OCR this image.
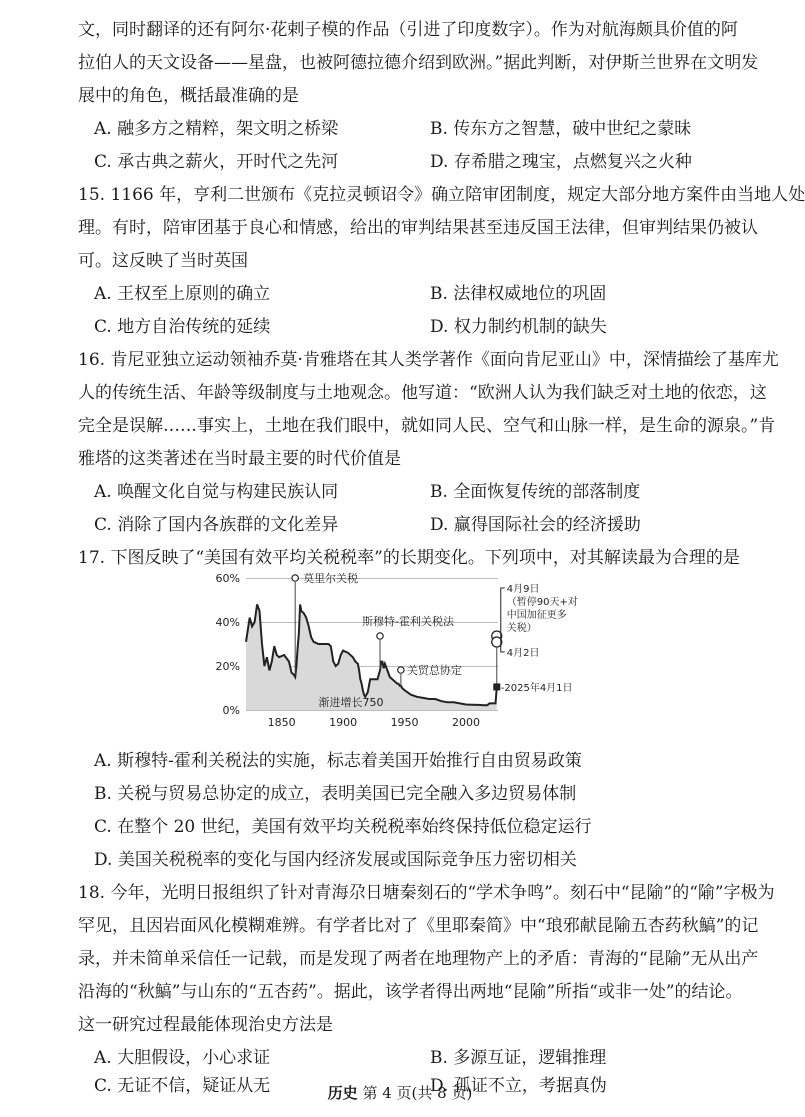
文，同时翻译的还有阿尔·花剌子模的作品（引进了印度数字）。作为对航海颇具价值的阿
拉伯人的天文设备——星盘，也被阿德拉德介绍到欧洲。”据此判断，对伊斯兰世界在文明发
展中的角色，概括最准确的是
A. 融多方之精粹，架文明之桥梁	B. 传东方之智慧，破中世纪之蒙昧
C. 承古典之薪火，开时代之先河	D. 存希腊之瑰宝，点燃复兴之火种
15. 1166 年，亨利二世颁布《克拉灵顿诏令》确立陪审团制度，规定大部分地方案件由当地人处
理。有时，陪审团基于良心和情感，给出的审判结果甚至违反国王法律，但审判结果仍被认
可。这反映了当时英国
A. 王权至上原则的确立	B. 法律权威地位的巩固
C. 地方自治传统的延续	D. 权力制约机制的缺失
16. 肯尼亚独立运动领袖乔莫·肯雅塔在其人类学著作《面向肯尼亚山》中，深情描绘了基库尤
人的传统生活、年龄等级制度与土地观念。他写道：“欧洲人认为我们缺乏对土地的依恋，这
完全是误解……事实上，土地在我们眼中，就如同人民、空气和山脉一样，是生命的源泉。”肯
雅塔的这类著述在当时最主要的时代价值是
A. 唤醒文化自觉与构建民族认同	B. 全面恢复传统的部落制度
C. 消除了国内各族群的文化差异	D. 赢得国际社会的经济援助
17. 下图反映了“美国有效平均关税税率”的长期变化。下列项中，对其解读最为合理的是
60%
40%
20%
0%
1850	1900	1950	2000
莫里尔关税
斯穆特-霍利关税法
关贸总协定
渐进增长750
4月9日
（暂停90天+对
中国加征更多
关税）
4月2日
-2025年4月1日
A. 斯穆特-霍利关税法的实施，标志着美国开始推行自由贸易政策
B. 关税与贸易总协定的成立，表明美国已完全融入多边贸易体制
C. 在整个 20 世纪，美国有效平均关税税率始终保持低位稳定运行
D. 美国关税税率的变化与国内经济发展或国际竞争压力密切相关
18. 今年，光明日报组织了针对青海尕日塘秦刻石的“学术争鸣”。刻石中“昆隃”的“隃”字极为
罕见，且因岩面风化模糊难辨。有学者比对了《里耶秦简》中“琅邪献昆隃五杏药秋鰝”的记
录，并未简单采信任一记载，而是发现了两者在地理物产上的矛盾：青海的“昆隃”无从出产
沿海的“秋鰝”与山东的“五杏药”。据此，该学者得出两地“昆隃”所指“或非一处”的结论。
这一研究过程最能体现治史方法是
A. 大胆假设，小心求证	B. 多源互证，逻辑推理
C. 无证不信，疑证从无	D. 孤证不立，考据真伪
历史 第 4 页(共 8 页)
